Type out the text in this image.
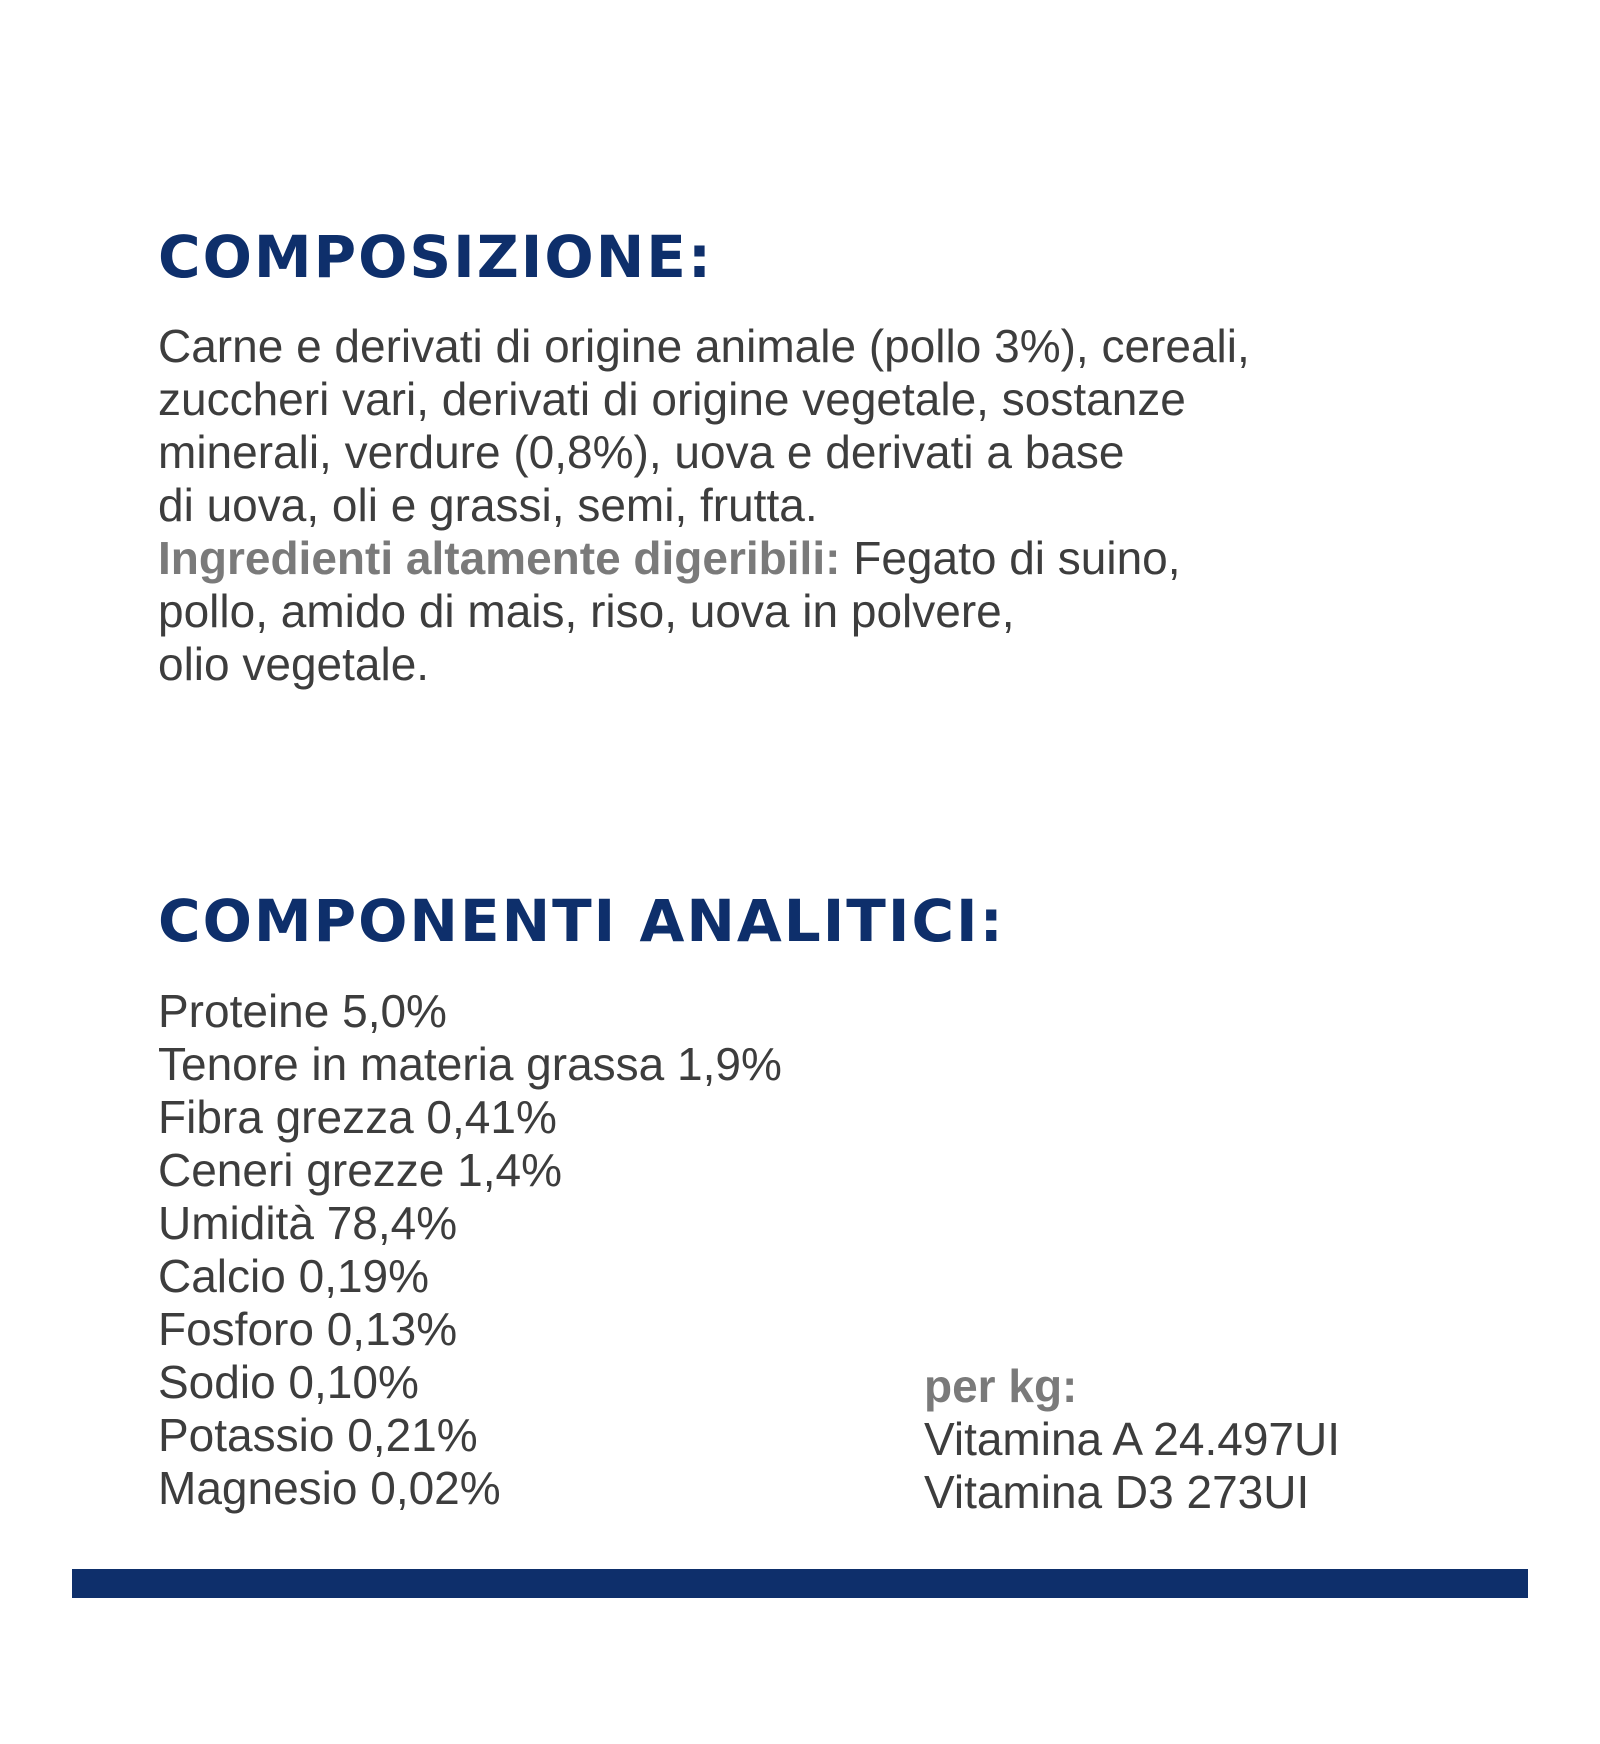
COMPOSIZIONE:
Carne e derivati di origine animale (pollo 3%), cereali,
zuccheri vari, derivati di origine vegetale, sostanze
minerali, verdure (0,8%), uova e derivati a base
di uova, oli e grassi, semi, frutta.
Ingredienti altamente digeribili: Fegato di suino,
pollo, amido di mais, riso, uova in polvere,
olio vegetale.
COMPONENTI ANALITICI:
Proteine 5,0%
Tenore in materia grassa 1,9%
Fibra grezza 0,41%
Ceneri grezze 1,4%
Umidità 78,4%
Calcio 0,19%
Fosforo 0,13%
Sodio 0,10%
Potassio 0,21%
Magnesio 0,02%
per kg:
Vitamina A 24.497UI
Vitamina D3 273UI
